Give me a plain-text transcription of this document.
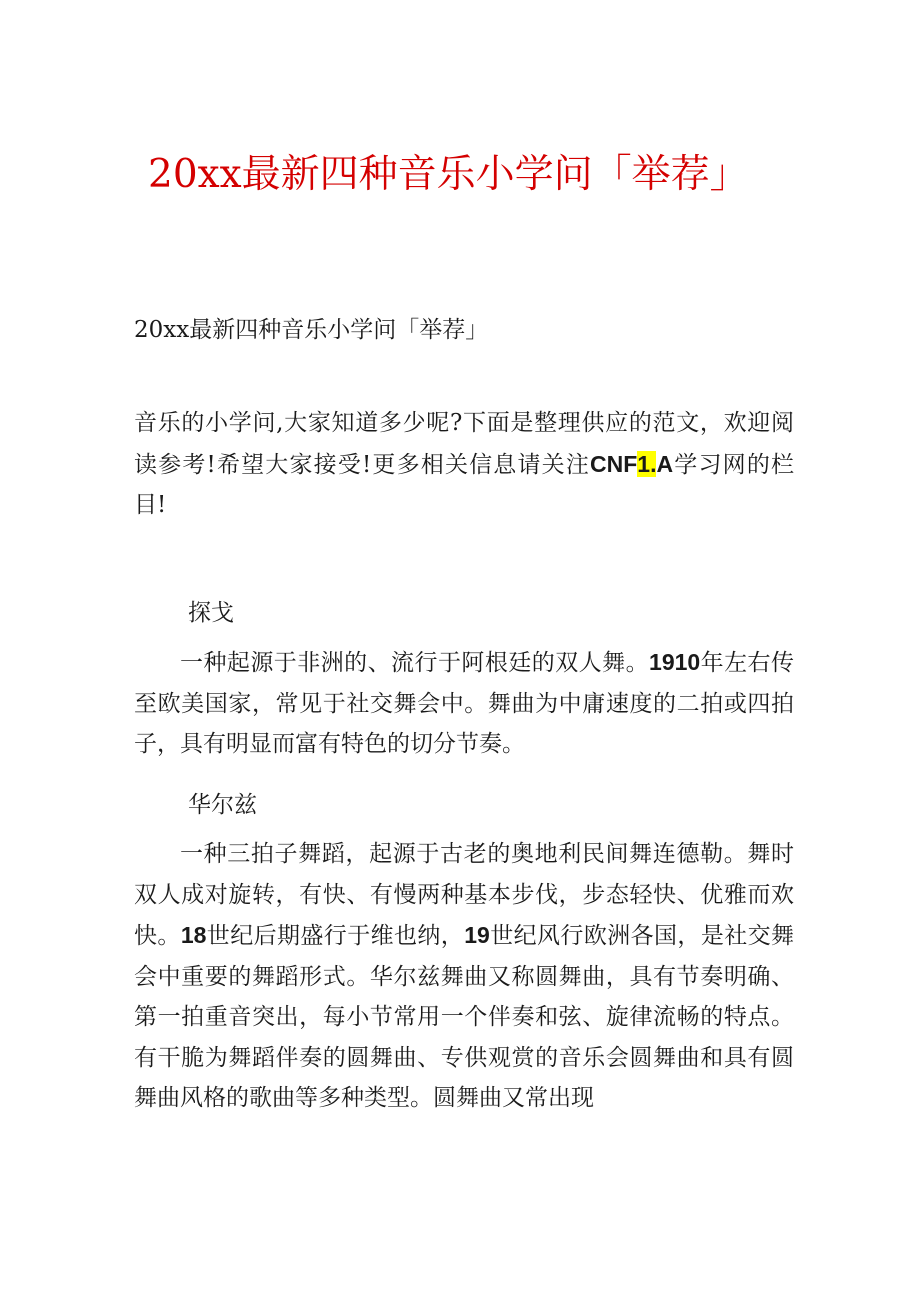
20xx最新四种音乐小学问「举荐」
20xx最新四种音乐小学问「举荐」

音乐的小学问,大家知道多少呢?下面是整理供应的范文，欢迎阅读参考!希望大家接受!更多相关信息请关注CNF1.A学习网的栏目!

探戈

一种起源于非洲的、流行于阿根廷的双人舞。1910年左右传至欧美国家，常见于社交舞会中。舞曲为中庸速度的二拍或四拍子，具有明显而富有特色的切分节奏。

华尔兹

一种三拍子舞蹈，起源于古老的奥地利民间舞连德勒。舞时双人成对旋转，有快、有慢两种基本步伐，步态轻快、优雅而欢快。18世纪后期盛行于维也纳，19世纪风行欧洲各国，是社交舞会中重要的舞蹈形式。华尔兹舞曲又称圆舞曲，具有节奏明确、第一拍重音突出，每小节常用一个伴奏和弦、旋律流畅的特点。有干脆为舞蹈伴奏的圆舞曲、专供观赏的音乐会圆舞曲和具有圆舞曲风格的歌曲等多种类型。圆舞曲又常出现
